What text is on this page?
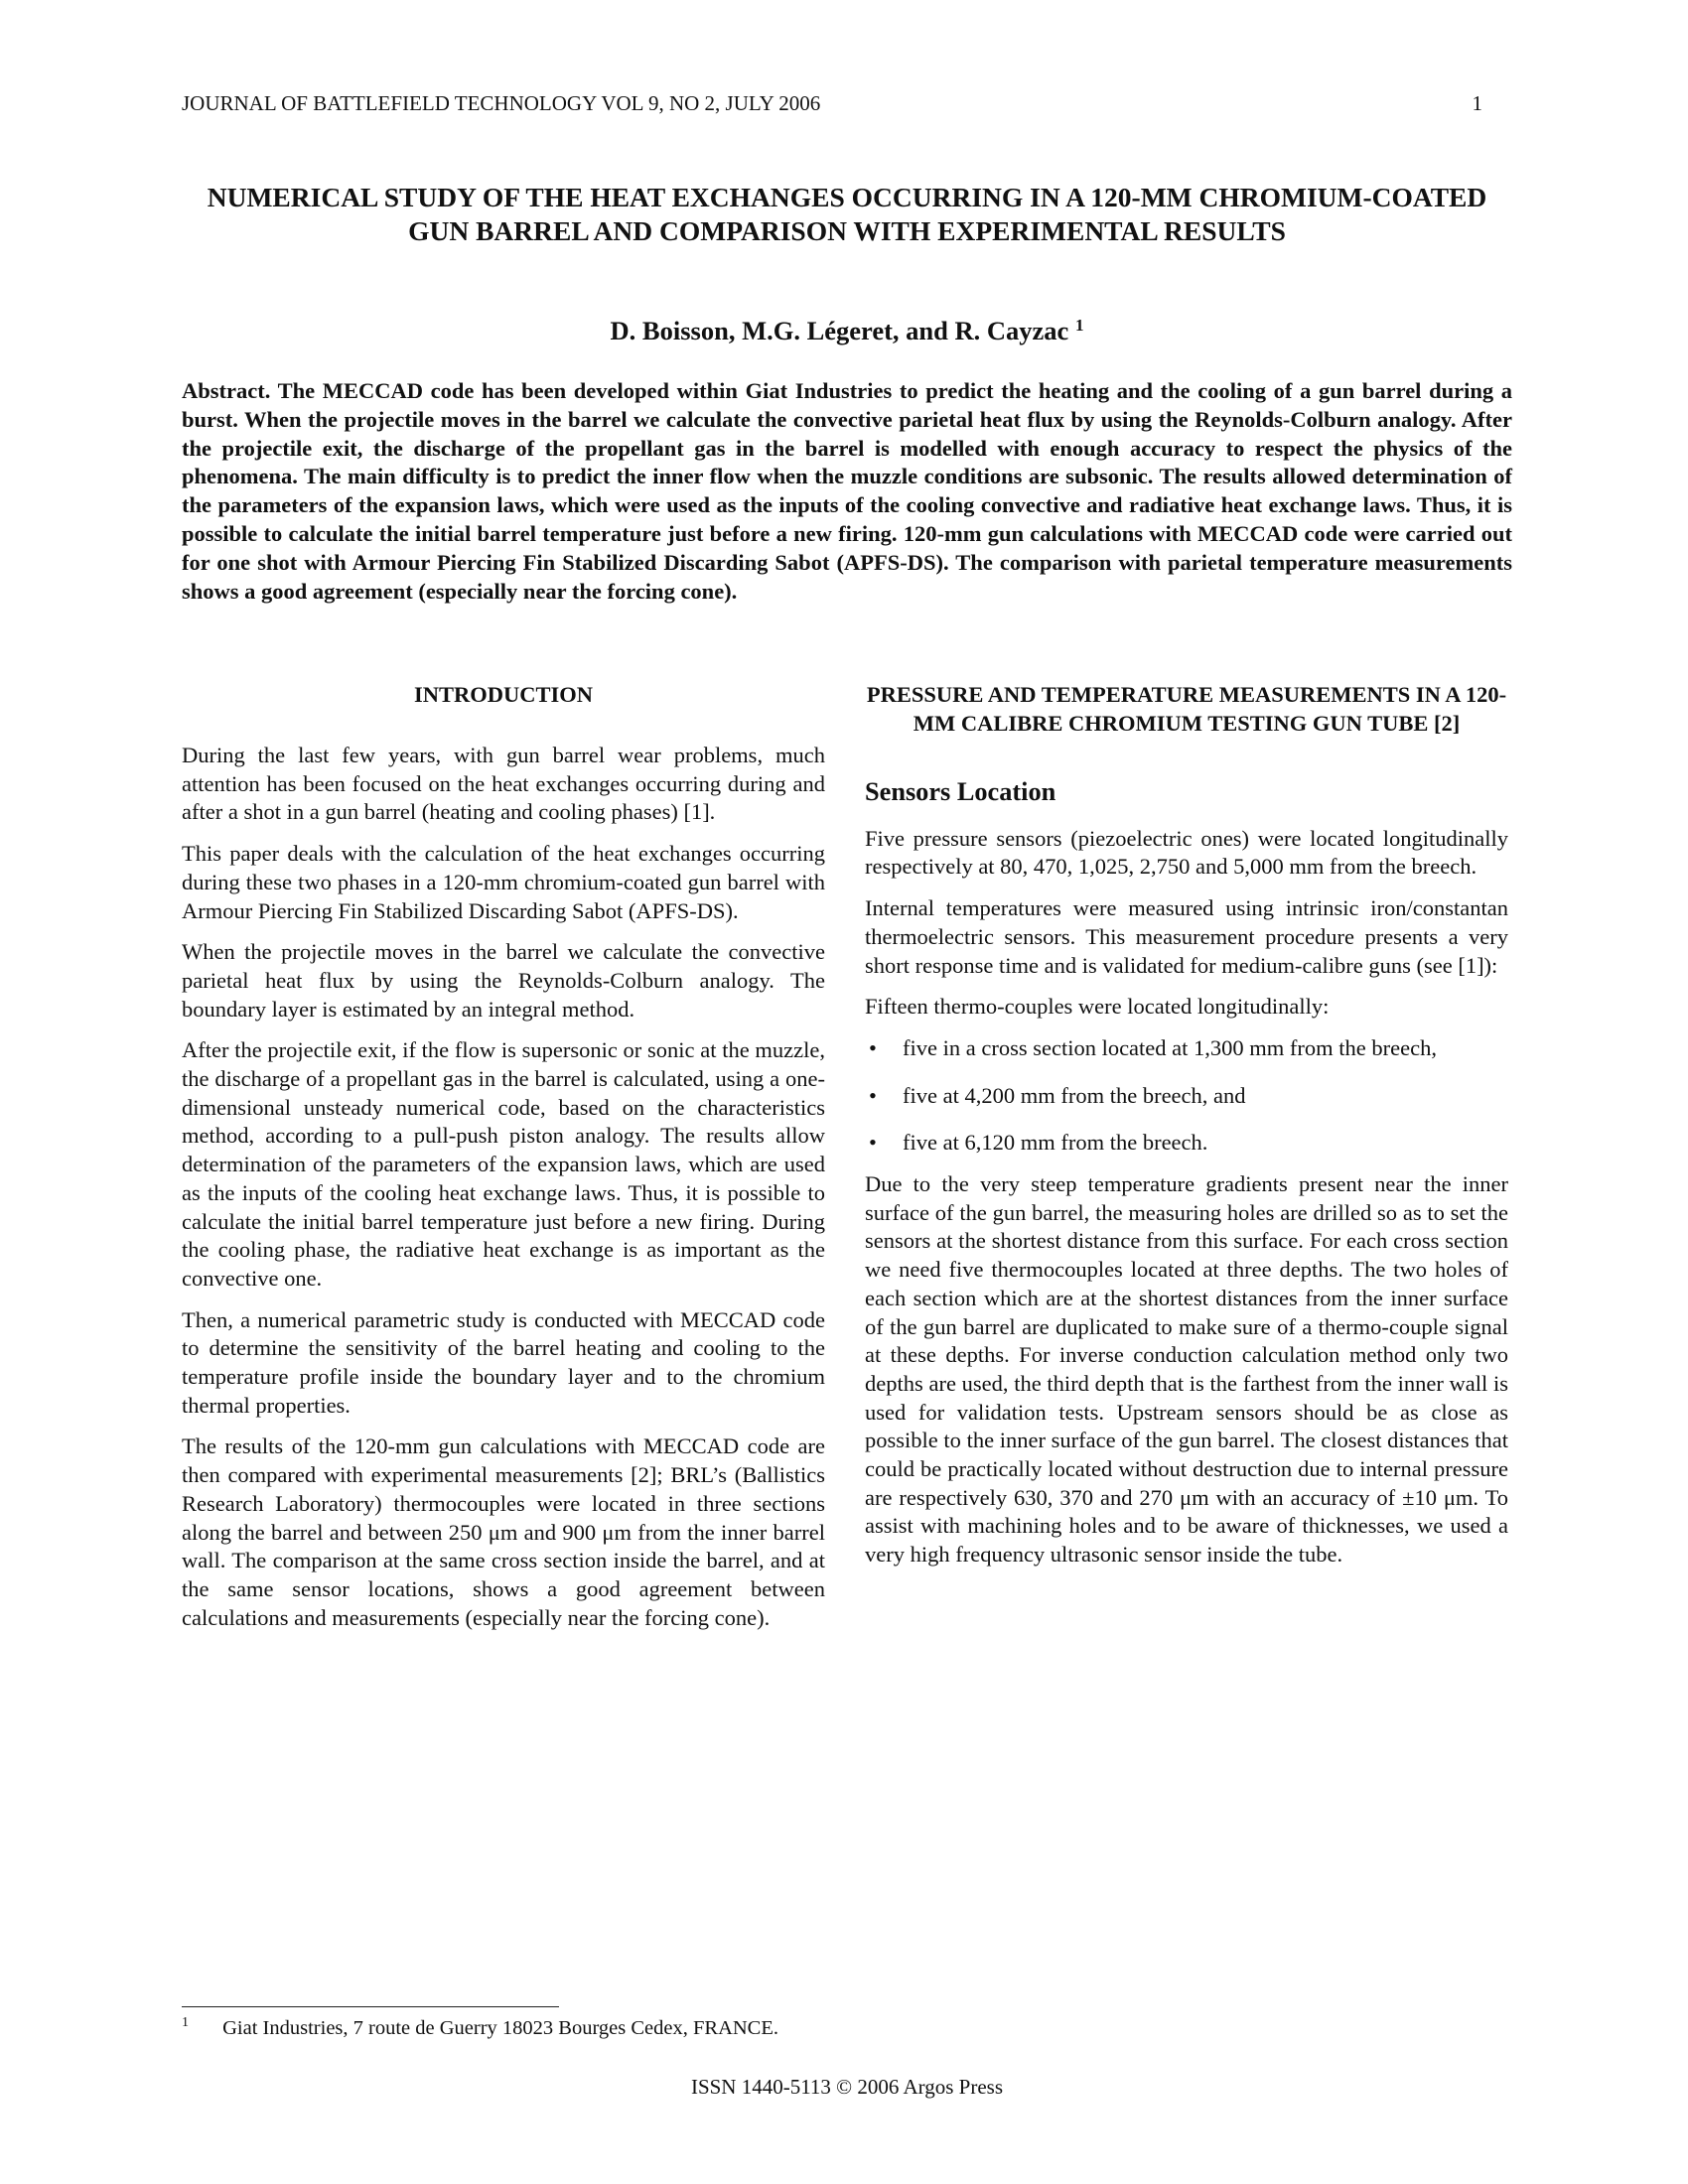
JOURNAL OF BATTLEFIELD TECHNOLOGY VOL 9, NO 2, JULY 2006	1
NUMERICAL STUDY OF THE HEAT EXCHANGES OCCURRING IN A 120-MM CHROMIUM-COATED GUN BARREL AND COMPARISON WITH EXPERIMENTAL RESULTS
D. Boisson, M.G. Légeret, and R. Cayzac $^1$
Abstract. The MECCAD code has been developed within Giat Industries to predict the heating and the cooling of a gun barrel during a burst. When the projectile moves in the barrel we calculate the convective parietal heat flux by using the Reynolds-Colburn analogy. After the projectile exit, the discharge of the propellant gas in the barrel is modelled with enough accuracy to respect the physics of the phenomena. The main difficulty is to predict the inner flow when the muzzle conditions are subsonic. The results allowed determination of the parameters of the expansion laws, which were used as the inputs of the cooling convective and radiative heat exchange laws. Thus, it is possible to calculate the initial barrel temperature just before a new firing. 120-mm gun calculations with MECCAD code were carried out for one shot with Armour Piercing Fin Stabilized Discarding Sabot (APFS-DS). The comparison with parietal temperature measurements shows a good agreement (especially near the forcing cone).
INTRODUCTION

During the last few years, with gun barrel wear problems, much attention has been focused on the heat exchanges occurring during and after a shot in a gun barrel (heating and cooling phases) [1].

This paper deals with the calculation of the heat exchanges occurring during these two phases in a 120-mm chromium-coated gun barrel with Armour Piercing Fin Stabilized Discarding Sabot (APFS-DS).

When the projectile moves in the barrel we calculate the convective parietal heat flux by using the Reynolds-Colburn analogy. The boundary layer is estimated by an integral method.

After the projectile exit, if the flow is supersonic or sonic at the muzzle, the discharge of a propellant gas in the barrel is calculated, using a one-dimensional unsteady numerical code, based on the characteristics method, according to a pull-push piston analogy. The results allow determination of the parameters of the expansion laws, which are used as the inputs of the cooling heat exchange laws. Thus, it is possible to calculate the initial barrel temperature just before a new firing. During the cooling phase, the radiative heat exchange is as important as the convective one.

Then, a numerical parametric study is conducted with MECCAD code to determine the sensitivity of the barrel heating and cooling to the temperature profile inside the boundary layer and to the chromium thermal properties.

The results of the 120-mm gun calculations with MECCAD code are then compared with experimental measurements [2]; BRL’s (Ballistics Research Laboratory) thermocouples were located in three sections along the barrel and between 250 μm and 900 μm from the inner barrel wall. The comparison at the same cross section inside the barrel, and at the same sensor locations, shows a good agreement between calculations and measurements (especially near the forcing cone).

PRESSURE AND TEMPERATURE MEASUREMENTS IN A 120-MM CALIBRE CHROMIUM TESTING GUN TUBE [2]
Sensors Location

Five pressure sensors (piezoelectric ones) were located longitudinally respectively at 80, 470, 1,025, 2,750 and 5,000 mm from the breech.

Internal temperatures were measured using intrinsic iron/constantan thermoelectric sensors. This measurement procedure presents a very short response time and is validated for medium-calibre guns (see [1]):

Fifteen thermo-couples were located longitudinally:

• five in a cross section located at 1,300 mm from the breech,
• five at 4,200 mm from the breech, and
• five at 6,120 mm from the breech.

Due to the very steep temperature gradients present near the inner surface of the gun barrel, the measuring holes are drilled so as to set the sensors at the shortest distance from this surface. For each cross section we need five thermocouples located at three depths. The two holes of each section which are at the shortest distances from the inner surface of the gun barrel are duplicated to make sure of a thermo-couple signal at these depths. For inverse conduction calculation method only two depths are used, the third depth that is the farthest from the inner wall is used for validation tests. Upstream sensors should be as close as possible to the inner surface of the gun barrel. The closest distances that could be practically located without destruction due to internal pressure are respectively 630, 370 and 270 μm with an accuracy of ±10 μm. To assist with machining holes and to be aware of thicknesses, we used a very high frequency ultrasonic sensor inside the tube.

1 Giat Industries, 7 route de Guerry 18023 Bourges Cedex, FRANCE.
ISSN 1440-5113 © 2006 Argos Press
